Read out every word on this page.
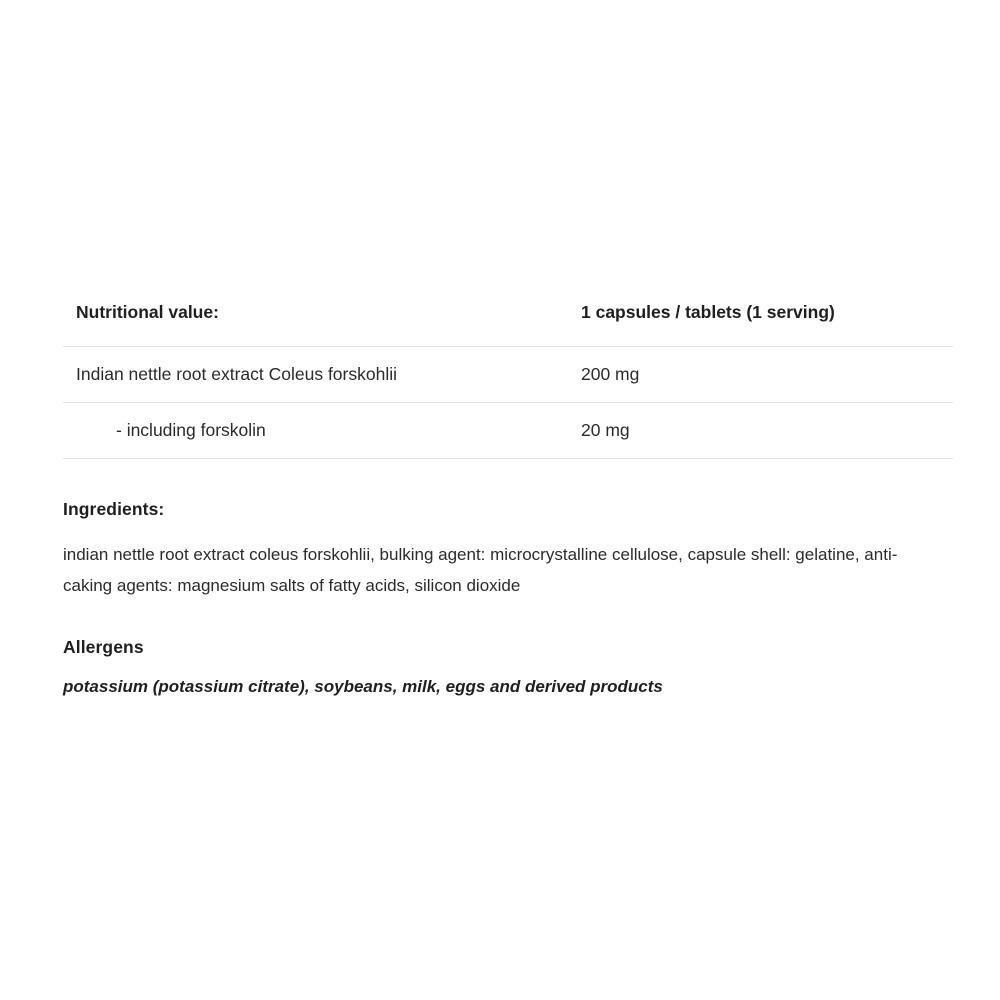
Nutritional value:	1 capsules / tablets (1 serving)
Indian nettle root extract Coleus forskohlii	200 mg
- including forskolin	20 mg
Ingredients:

indian nettle root extract coleus forskohlii, bulking agent: microcrystalline cellulose, capsule shell: gelatine, anti-caking agents: magnesium salts of fatty acids, silicon dioxide

Allergens

potassium (potassium citrate), soybeans, milk, eggs and derived products
